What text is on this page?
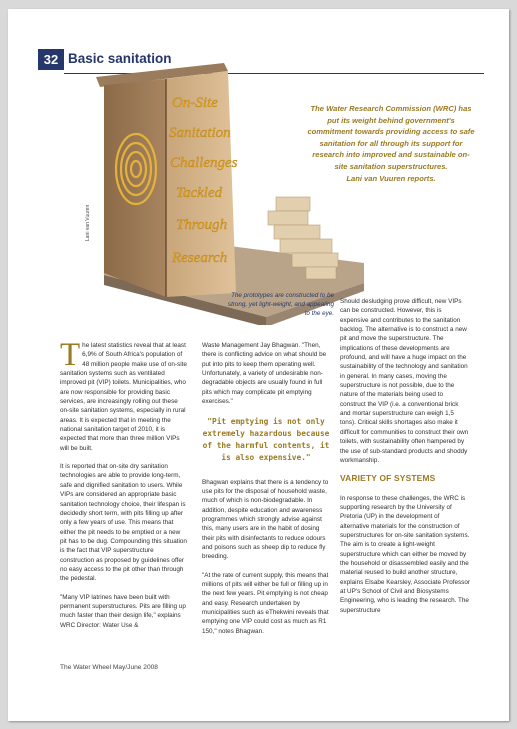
32 Basic sanitation
On-Site
Sanitation
Challenges
Tackled
Through
Research
Lani van Vuuren
The Water Research Commission (WRC) has put its weight behind government's commitment towards providing access to safe sanitation for all through its support for research into improved and sustainable on-site sanitation superstructures.
Lani van Vuuren reports.
The prototypes are constructed to be strong, yet light-weight, and appealing to the eye.

The latest statistics reveal that at least 6,9% of South Africa's population of 48 million people make use of on-site sanitation systems such as ventilated improved pit (VIP) toilets. Municipalities, who are now responsible for providing basic services, are increasingly rolling out these on-site sanitation systems, especially in rural areas. It is expected that in meeting the national sanitation target of 2010, it is expected that more than three million VIPs will be built.

It is reported that on-site dry sanitation technologies are able to provide long-term, safe and dignified sanitation to users. While VIPs are considered an appropriate basic sanitation technology choice, their lifespan is decidedly short term, with pits filling up after only a few years of use. This means that either the pit needs to be emptied or a new pit has to be dug. Compounding this situation is the fact that VIP superstructure construction as proposed by guidelines offer no easy access to the pit other than through the pedestal.

"Many VIP latrines have been built with permanent superstructures. Pits are filling up much faster than their design life," explains WRC Director: Water Use &

Waste Management Jay Bhagwan. "Then, there is conflicting advice on what should be put into pits to keep them operating well. Unfortunately, a variety of undesirable non-degradable objects are usually found in full pits which may complicate pit emptying exercises."

"Pit emptying is not only extremely hazardous because of the harmful contents, it is also expensive."

Bhagwan explains that there is a tendency to use pits for the disposal of household waste, much of which is non-biodegradable. In addition, despite education and awareness programmes which strongly advise against this, many users are in the habit of dosing their pits with disinfectants to reduce odours and poisons such as sheep dip to reduce fly breeding.

"At the rate of current supply, this means that millions of pits will either be full or filling up in the next few years. Pit emptying is not cheap and easy. Research undertaken by municipalities such as eThekwini reveals that emptying one VIP could cost as much as R1 150," notes Bhagwan.

Should desludging prove difficult, new VIPs can be constructed. However, this is expensive and contributes to the sanitation backlog. The alternative is to construct a new pit and move the superstructure. The implications of these developments are profound, and will have a huge impact on the sustainability of the technology and sanitation in general. In many cases, moving the superstructure is not possible, due to the nature of the materials being used to construct the VIP (i.e. a conventional brick and mortar superstructure can weigh 1,5 tons). Critical skills shortages also make it difficult for communities to construct their own toilets, with sustainability often hampered by the use of sub-standard products and shoddy workmanship.

VARIETY OF SYSTEMS

In response to these challenges, the WRC is supporting research by the University of Pretoria (UP) in the development of alternative materials for the construction of superstructures for on-site sanitation systems. The aim is to create a light-weight superstructure which can either be moved by the household or disassembled easily and the material reused to build another structure, explains Elsabe Kearsley, Associate Professor at UP's School of Civil and Biosystems Engineering, who is leading the research. The superstructure

The Water Wheel May/June 2008
